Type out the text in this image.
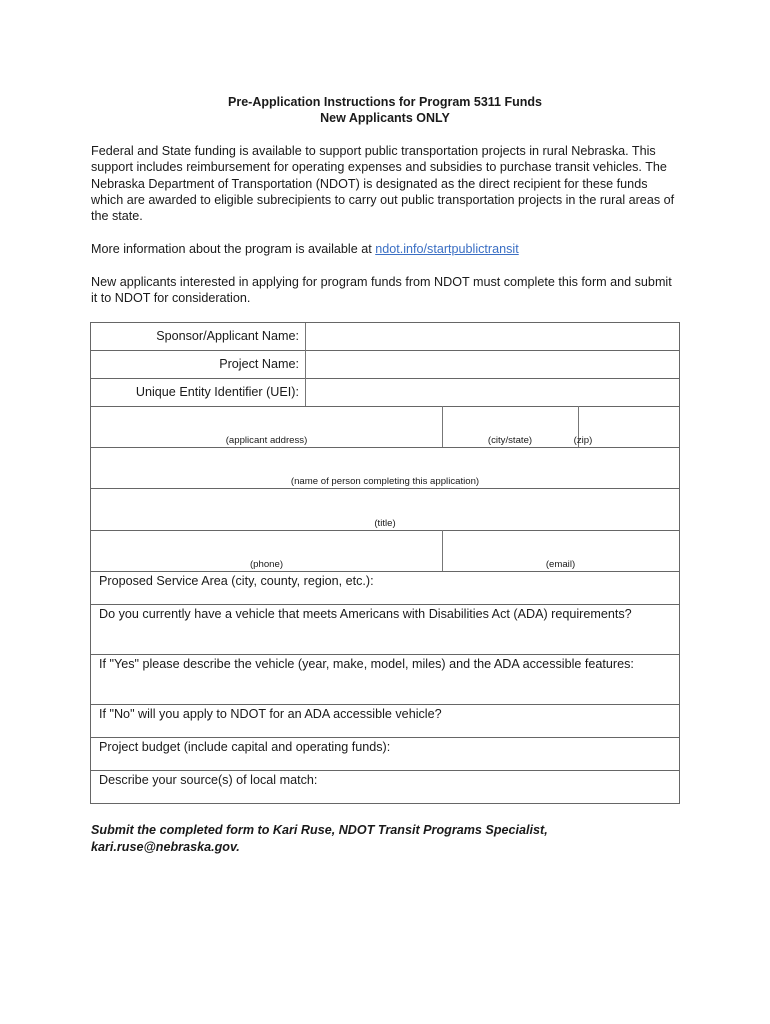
Pre-Application Instructions for Program 5311 Funds
New Applicants ONLY
Federal and State funding is available to support public transportation projects in rural Nebraska. This support includes reimbursement for operating expenses and subsidies to purchase transit vehicles. The Nebraska Department of Transportation (NDOT) is designated as the direct recipient for these funds which are awarded to eligible subrecipients to carry out public transportation projects in the rural areas of the state.
More information about the program is available at ndot.info/startpublictransit
New applicants interested in applying for program funds from NDOT must complete this form and submit it to NDOT for consideration.
Sponsor/Applicant Name:
Project Name:
Unique Entity Identifier (UEI):
(applicant address)	(city/state)	(zip)
(name of person completing this application)
(title)
(phone)	(email)
Proposed Service Area (city, county, region, etc.):
Do you currently have a vehicle that meets Americans with Disabilities Act (ADA) requirements?
If "Yes" please describe the vehicle (year, make, model, miles) and the ADA accessible features:
If "No" will you apply to NDOT for an ADA accessible vehicle?
Project budget (include capital and operating funds):
Describe your source(s) of local match:
Submit the completed form to Kari Ruse, NDOT Transit Programs Specialist,
kari.ruse@nebraska.gov.
